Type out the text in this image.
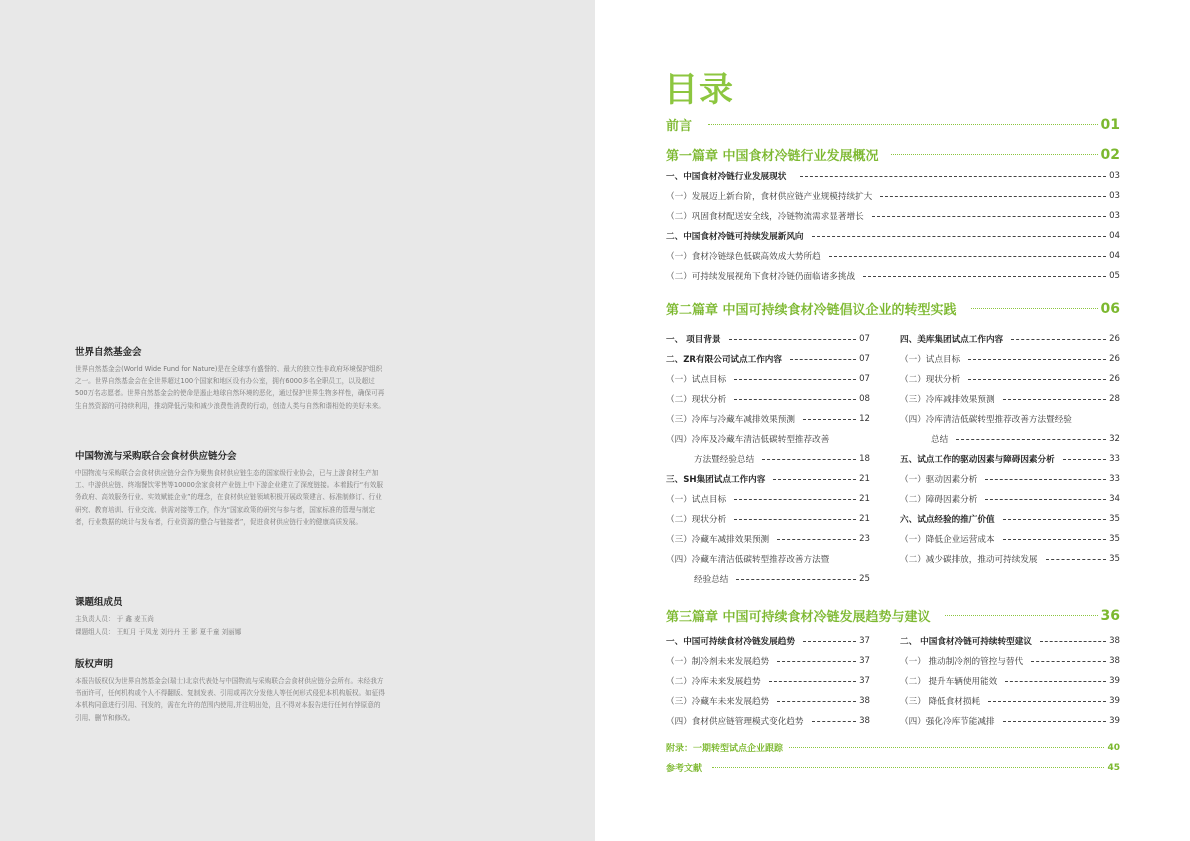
世界自然基金会

世界自然基金会(World Wide Fund for Nature)是在全球享有盛誉的、最大的独立性非政府环境保护组织之一。世界自然基金会在全世界超过100个国家和地区设有办公室，拥有6000多名全职员工，以及超过500万名志愿者。世界自然基金会的使命是遏止地球自然环境的恶化，通过保护世界生物多样性，确保可再生自然资源的可持续利用，推动降低污染和减少浪费性消费的行动，创造人类与自然和谐相处的美好未来。

中国物流与采购联合会食材供应链分会

中国物流与采购联合会食材供应链分会作为聚焦食材供应链生态的国家级行业协会，已与上游食材生产加工、中游供应链、终端餐饮零售等10000余家食材产业链上中下游企业建立了深度链接。本着践行“有效服务政府、高效服务行业、实效赋能企业”的理念，在食材供应链领域积极开展政策建言、标准制修订、行业研究、教育培训、行业交流、供需对接等工作，作为“国家政策的研究与参与者，国家标准的管理与制定者，行业数据的统计与发布者，行业资源的整合与链接者”，促进食材供应链行业的健康高质发展。

课题组成员
主负责人员： 于 鑫 麦玉尚
课题组人员： 王虹月 于凤龙 刘丹丹 王 影 夏千童 刘丽娜
版权声明

本报告版权仅为世界自然基金会(瑞士)北京代表处与中国物流与采购联合会食材供应链分会所有。未经我方书面许可，任何机构或个人不得翻版、复制发表、引用或再次分发他人等任何形式侵犯本机构版权。如征得本机构同意进行引用、刊发的，需在允许的范围内使用,并注明出处，且不得对本报告进行任何有悖原意的引用、删节和修改。

目录
前言	01
第一篇章 中国食材冷链行业发展概况	02
一、中国食材冷链行业发展现状	03
（一）发展迈上新台阶，食材供应链产业规模持续扩大	03
（二）巩固食材配送安全线，冷链物流需求显著增长	03
二、中国食材冷链可持续发展新风向	04
（一）食材冷链绿色低碳高效成大势所趋	04
（二）可持续发展视角下食材冷链仍面临诸多挑战	05
第二篇章 中国可持续食材冷链倡议企业的转型实践	06
一、 项目背景	07
二、ZR有限公司试点工作内容	07
（一）试点目标	07
（二）现状分析	08
（三）冷库与冷藏车减排效果预测	12
（四）冷库及冷藏车清洁低碳转型推荐改善
方法暨经验总结	18
三、SH集团试点工作内容	21
（一）试点目标	21
（二）现状分析	21
（三）冷藏车减排效果预测	23
（四）冷藏车清洁低碳转型推荐改善方法暨
经验总结	25
四、美库集团试点工作内容	26
（一）试点目标	26
（二）现状分析	26
（三）冷库减排效果预测	28
（四）冷库清洁低碳转型推荐改善方法暨经验
总结	32
五、试点工作的驱动因素与障碍因素分析	33
（一）驱动因素分析	33
（二）障碍因素分析	34
六、试点经验的推广价值	35
（一）降低企业运营成本	35
（二）减少碳排放，推动可持续发展	35
第三篇章 中国可持续食材冷链发展趋势与建议	36
一、中国可持续食材冷链发展趋势	37
（一）制冷剂未来发展趋势	37
（二）冷库未来发展趋势	37
（三）冷藏车未来发展趋势	38
（四）食材供应链管理模式变化趋势	38
二、 中国食材冷链可持续转型建议	38
（一） 推动制冷剂的管控与替代	38
（二） 提升车辆使用能效	39
（三） 降低食材损耗	39
（四）强化冷库节能减排	39
附录：一期转型试点企业跟踪	40
参考文献	45
